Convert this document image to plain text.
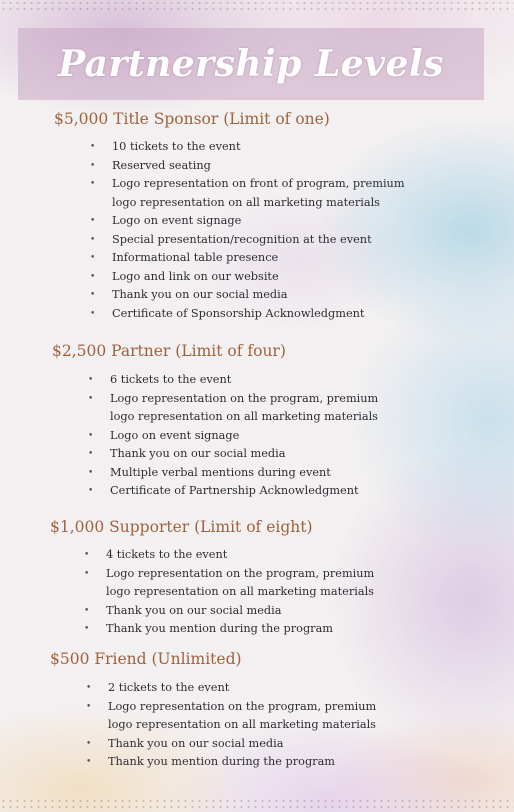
Partnership Levels
$5,000 Title Sponsor (Limit of one)
• 10 tickets to the event
• Reserved seating
• Logo representation on front of program, premium
logo representation on all marketing materials
• Logo on event signage
• Special presentation/recognition at the event
• Informational table presence
• Logo and link on our website
• Thank you on our social media
• Certificate of Sponsorship Acknowledgment
$2,500 Partner (Limit of four)
• 6 tickets to the event
• Logo representation on the program, premium
logo representation on all marketing materials
• Logo on event signage
• Thank you on our social media
• Multiple verbal mentions during event
• Certificate of Partnership Acknowledgment
$1,000 Supporter (Limit of eight)
• 4 tickets to the event
• Logo representation on the program, premium
logo representation on all marketing materials
• Thank you on our social media
• Thank you mention during the program
$500 Friend (Unlimited)
• 2 tickets to the event
• Logo representation on the program, premium
logo representation on all marketing materials
• Thank you on our social media
• Thank you mention during the program
